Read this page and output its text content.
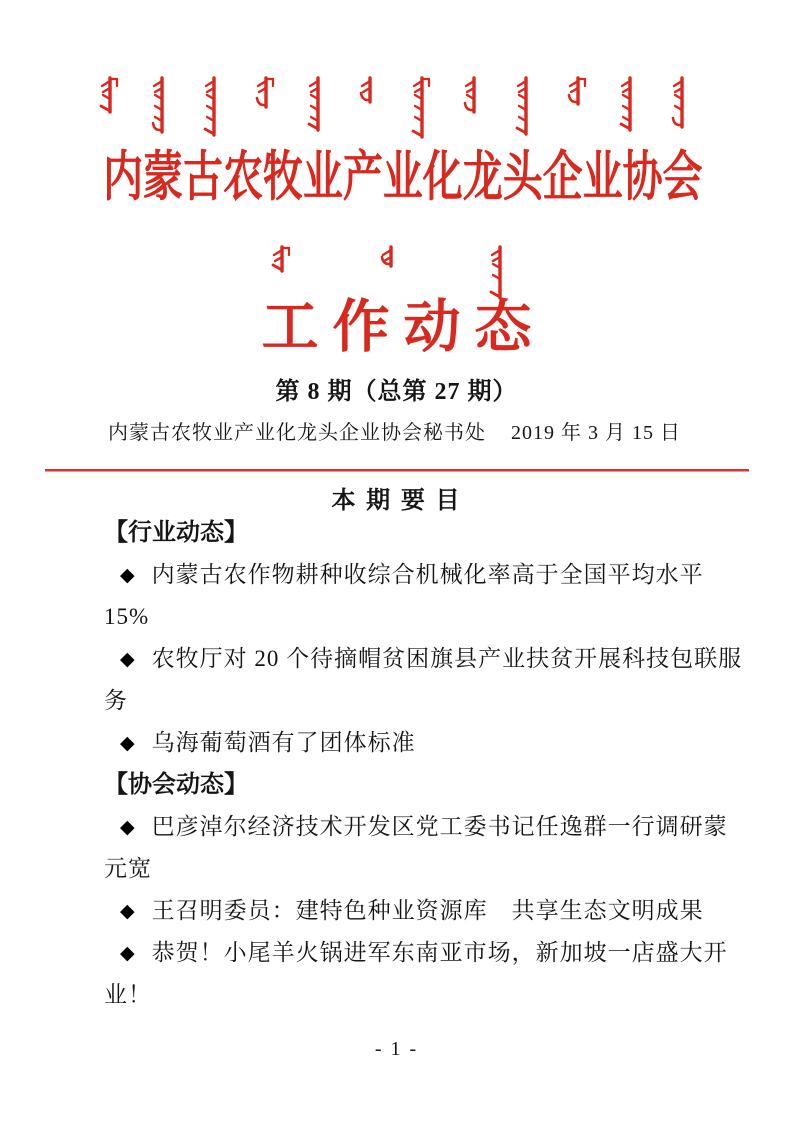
内蒙古农牧业产业化龙头企业协会
工作动态
第 8 期（总第 27 期）
内蒙古农牧业产业化龙头企业协会秘书处 2019 年 3 月 15 日
本 期 要 目
【行业动态】
◆ 内蒙古农作物耕种收综合机械化率高于全国平均水平
15%
◆ 农牧厅对 20 个待摘帽贫困旗县产业扶贫开展科技包联服
务
◆ 乌海葡萄酒有了团体标准
【协会动态】
◆ 巴彦淖尔经济技术开发区党工委书记任逸群一行调研蒙
元宽
◆ 王召明委员：建特色种业资源库　共享生态文明成果
◆ 恭贺！小尾羊火锅进军东南亚市场，新加坡一店盛大开
业！
- 1 -
